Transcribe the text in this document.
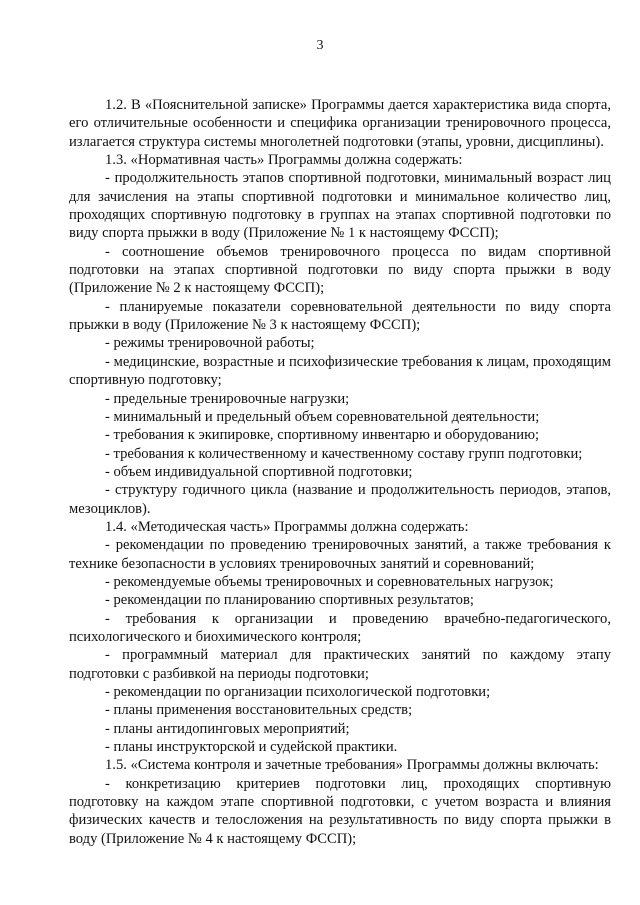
3

1.2. В «Пояснительной записке» Программы дается характеристика вида спорта, его отличительные особенности и специфика организации тренировочного процесса, излагается структура системы многолетней подготовки (этапы, уровни, дисциплины).

1.3. «Нормативная часть» Программы должна содержать:

- продолжительность этапов спортивной подготовки, минимальный возраст лиц для зачисления на этапы спортивной подготовки и минимальное количество лиц, проходящих спортивную подготовку в группах на этапах спортивной подготовки по виду спорта прыжки в воду (Приложение № 1 к настоящему ФССП);

- соотношение объемов тренировочного процесса по видам спортивной подготовки на этапах спортивной подготовки по виду спорта прыжки в воду (Приложение № 2 к настоящему ФССП);

- планируемые показатели соревновательной деятельности по виду спорта прыжки в воду (Приложение № 3 к настоящему ФССП);

- режимы тренировочной работы;

- медицинские, возрастные и психофизические требования к лицам, проходящим спортивную подготовку;

- предельные тренировочные нагрузки;

- минимальный и предельный объем соревновательной деятельности;

- требования к экипировке, спортивному инвентарю и оборудованию;

- требования к количественному и качественному составу групп подготовки;

- объем индивидуальной спортивной подготовки;

- структуру годичного цикла (название и продолжительность периодов, этапов, мезоциклов).

1.4. «Методическая часть» Программы должна содержать:

- рекомендации по проведению тренировочных занятий, а также требования к технике безопасности в условиях тренировочных занятий и соревнований;

- рекомендуемые объемы тренировочных и соревновательных нагрузок;

- рекомендации по планированию спортивных результатов;

- требования к организации и проведению врачебно-педагогического, психологического и биохимического контроля;

- программный материал для практических занятий по каждому этапу подготовки с разбивкой на периоды подготовки;

- рекомендации по организации психологической подготовки;

- планы применения восстановительных средств;

- планы антидопинговых мероприятий;

- планы инструкторской и судейской практики.

1.5. «Система контроля и зачетные требования» Программы должны включать:

- конкретизацию критериев подготовки лиц, проходящих спортивную подготовку на каждом этапе спортивной подготовки, с учетом возраста и влияния физических качеств и телосложения на результативность по виду спорта прыжки в воду (Приложение № 4 к настоящему ФССП);
